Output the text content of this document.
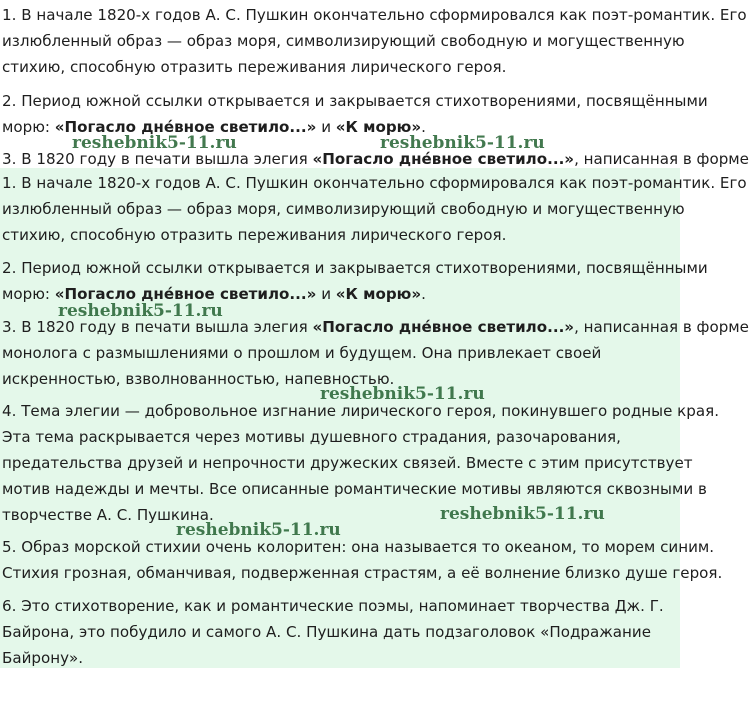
1. В начале 1820-х годов А. С. Пушкин окончательно сформировался как поэт-романтик. Его

излюбленный образ — образ моря, символизирующий свободную и могущественную

стихию, способную отразить переживания лирического героя.

2. Период южной ссылки открывается и закрывается стихотворениями, посвящёнными

морю: «Погасло днéвное светило...» и «К морю».

3. В 1820 году в печати вышла элегия «Погасло днéвное светило...», написанная в форме

1. В начале 1820-х годов А. С. Пушкин окончательно сформировался как поэт-романтик. Его

излюбленный образ — образ моря, символизирующий свободную и могущественную

стихию, способную отразить переживания лирического героя.

2. Период южной ссылки открывается и закрывается стихотворениями, посвящёнными

морю: «Погасло днéвное светило...» и «К морю».

3. В 1820 году в печати вышла элегия «Погасло днéвное светило...», написанная в форме

монолога с размышлениями о прошлом и будущем. Она привлекает своей

искренностью, взволнованностью, напевностью.

4. Тема элегии — добровольное изгнание лирического героя, покинувшего родные края.

Эта тема раскрывается через мотивы душевного страдания, разочарования,

предательства друзей и непрочности дружеских связей. Вместе с этим присутствует

мотив надежды и мечты. Все описанные романтические мотивы являются сквозными в

творчестве А. С. Пушкина.

5. Образ морской стихии очень колоритен: она называется то океаном, то морем синим.

Стихия грозная, обманчивая, подверженная страстям, а её волнение близко душе героя.

6. Это стихотворение, как и романтические поэмы, напоминает творчества Дж. Г.

Байрона, это побудило и самого А. С. Пушкина дать подзаголовок «Подражание

Байрону».

reshebnik5-11.ru	reshebnik5-11.ru
reshebnik5-11.ru
reshebnik5-11.ru
reshebnik5-11.ru
reshebnik5-11.ru
